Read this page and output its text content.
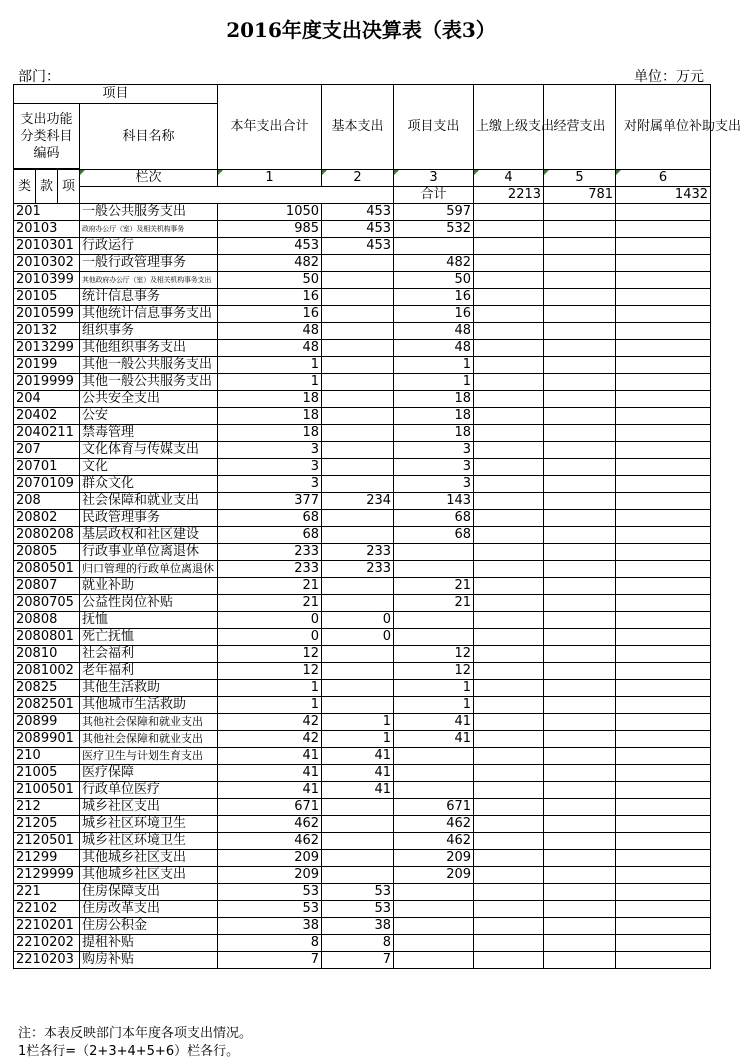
2016年度支出决算表（表3）
部门：	单位：万元
项目				本年支出合计	基本支出	项目支出	上缴上级支出	经营支出	对附属单位补助支出	
支出功能分类科目编码			科目名称							

类	款	项	栏次	1	2	3	4	5	6	
						合计	2213	781	1432			
201			一般公共服务支出	1050	453	597				
20103			政府办公厅（室）及相关机构事务	985	453	532				
2010301			行政运行	453	453					
2010302			一般行政管理事务	482		482				
2010399			其他政府办公厅（室）及相关机构事务支出	50		50				
20105			统计信息事务	16		16				
2010599			其他统计信息事务支出	16		16				
20132			组织事务	48		48				
2013299			其他组织事务支出	48		48				
20199			其他一般公共服务支出	1		1				
2019999			其他一般公共服务支出	1		1				
204			公共安全支出	18		18				
20402			公安	18		18				
2040211			禁毒管理	18		18				
207			文化体育与传媒支出	3		3				
20701			文化	3		3				
2070109			群众文化	3		3				
208			社会保障和就业支出	377	234	143				
20802			民政管理事务	68		68				
2080208			基层政权和社区建设	68		68				
20805			行政事业单位离退休	233	233					
2080501			归口管理的行政单位离退休	233	233					
20807			就业补助	21		21				
2080705			公益性岗位补贴	21		21				
20808			抚恤	0	0					
2080801			死亡抚恤	0	0					
20810			社会福利	12		12				
2081002			老年福利	12		12				
20825			其他生活救助	1		1				
2082501			其他城市生活救助	1		1				
20899			其他社会保障和就业支出	42	1	41				
2089901			其他社会保障和就业支出	42	1	41				
210			医疗卫生与计划生育支出	41	41					
21005			医疗保障	41	41					
2100501			行政单位医疗	41	41					
212			城乡社区支出	671		671				
21205			城乡社区环境卫生	462		462				
2120501			城乡社区环境卫生	462		462				
21299			其他城乡社区支出	209		209				
2129999			其他城乡社区支出	209		209				
221			住房保障支出	53	53					
22102			住房改革支出	53	53					
2210201			住房公积金	38	38					
2210202			提租补贴	8	8					
2210203			购房补贴	7	7					
注：本表反映部门本年度各项支出情况。
1栏各行=（2+3+4+5+6）栏各行。
